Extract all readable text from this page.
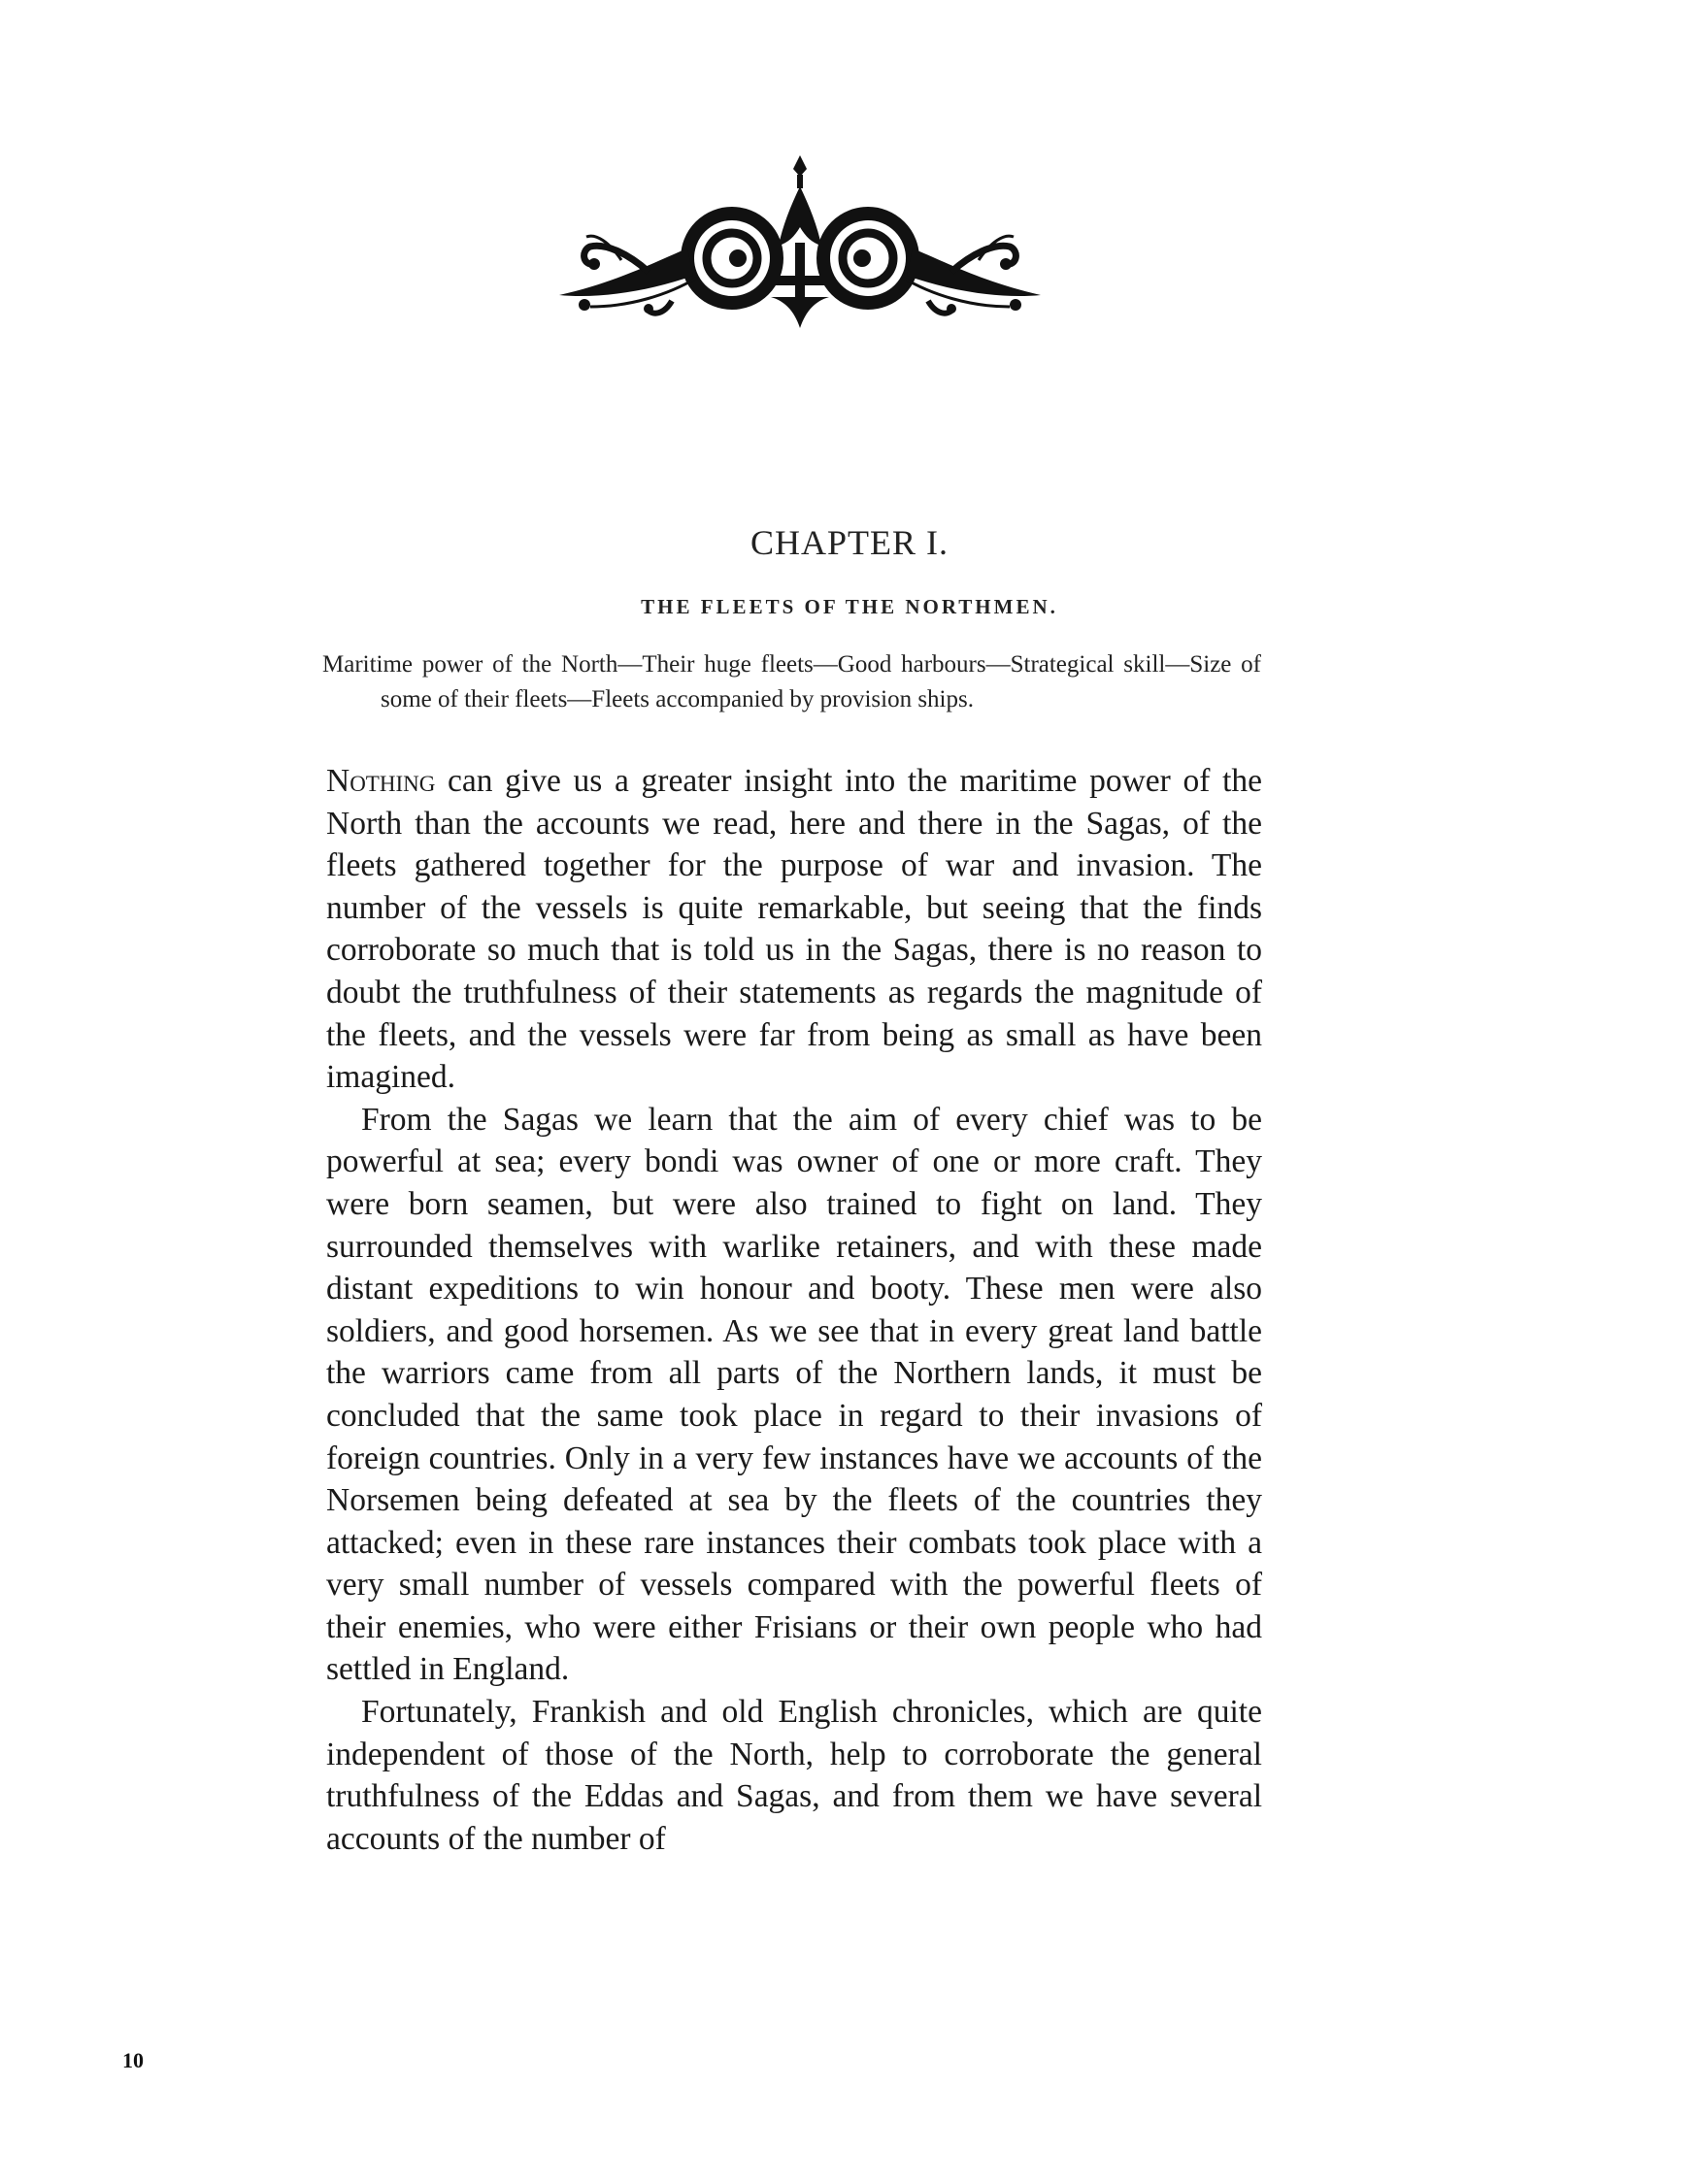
CHAPTER I.
THE FLEETS OF THE NORTHMEN.
Maritime power of the North—Their huge fleets—Good harbours—Strategical skill—Size of some of their fleets—Fleets accompanied by provision ships.

Nothing can give us a greater insight into the maritime power of the North than the accounts we read, here and there in the Sagas, of the fleets gathered together for the purpose of war and invasion. The number of the vessels is quite remarkable, but seeing that the finds corroborate so much that is told us in the Sagas, there is no reason to doubt the truthfulness of their statements as regards the magnitude of the fleets, and the vessels were far from being as small as have been imagined.

From the Sagas we learn that the aim of every chief was to be powerful at sea; every bondi was owner of one or more craft. They were born seamen, but were also trained to fight on land. They surrounded themselves with warlike retainers, and with these made distant expeditions to win honour and booty. These men were also soldiers, and good horsemen. As we see that in every great land battle the warriors came from all parts of the Northern lands, it must be concluded that the same took place in regard to their invasions of foreign countries. Only in a very few instances have we accounts of the Norsemen being defeated at sea by the fleets of the countries they attacked; even in these rare instances their combats took place with a very small number of vessels compared with the powerful fleets of their enemies, who were either Frisians or their own people who had settled in England.

Fortunately, Frankish and old English chronicles, which are quite independent of those of the North, help to corroborate the general truthfulness of the Eddas and Sagas, and from them we have several accounts of the number of

10
